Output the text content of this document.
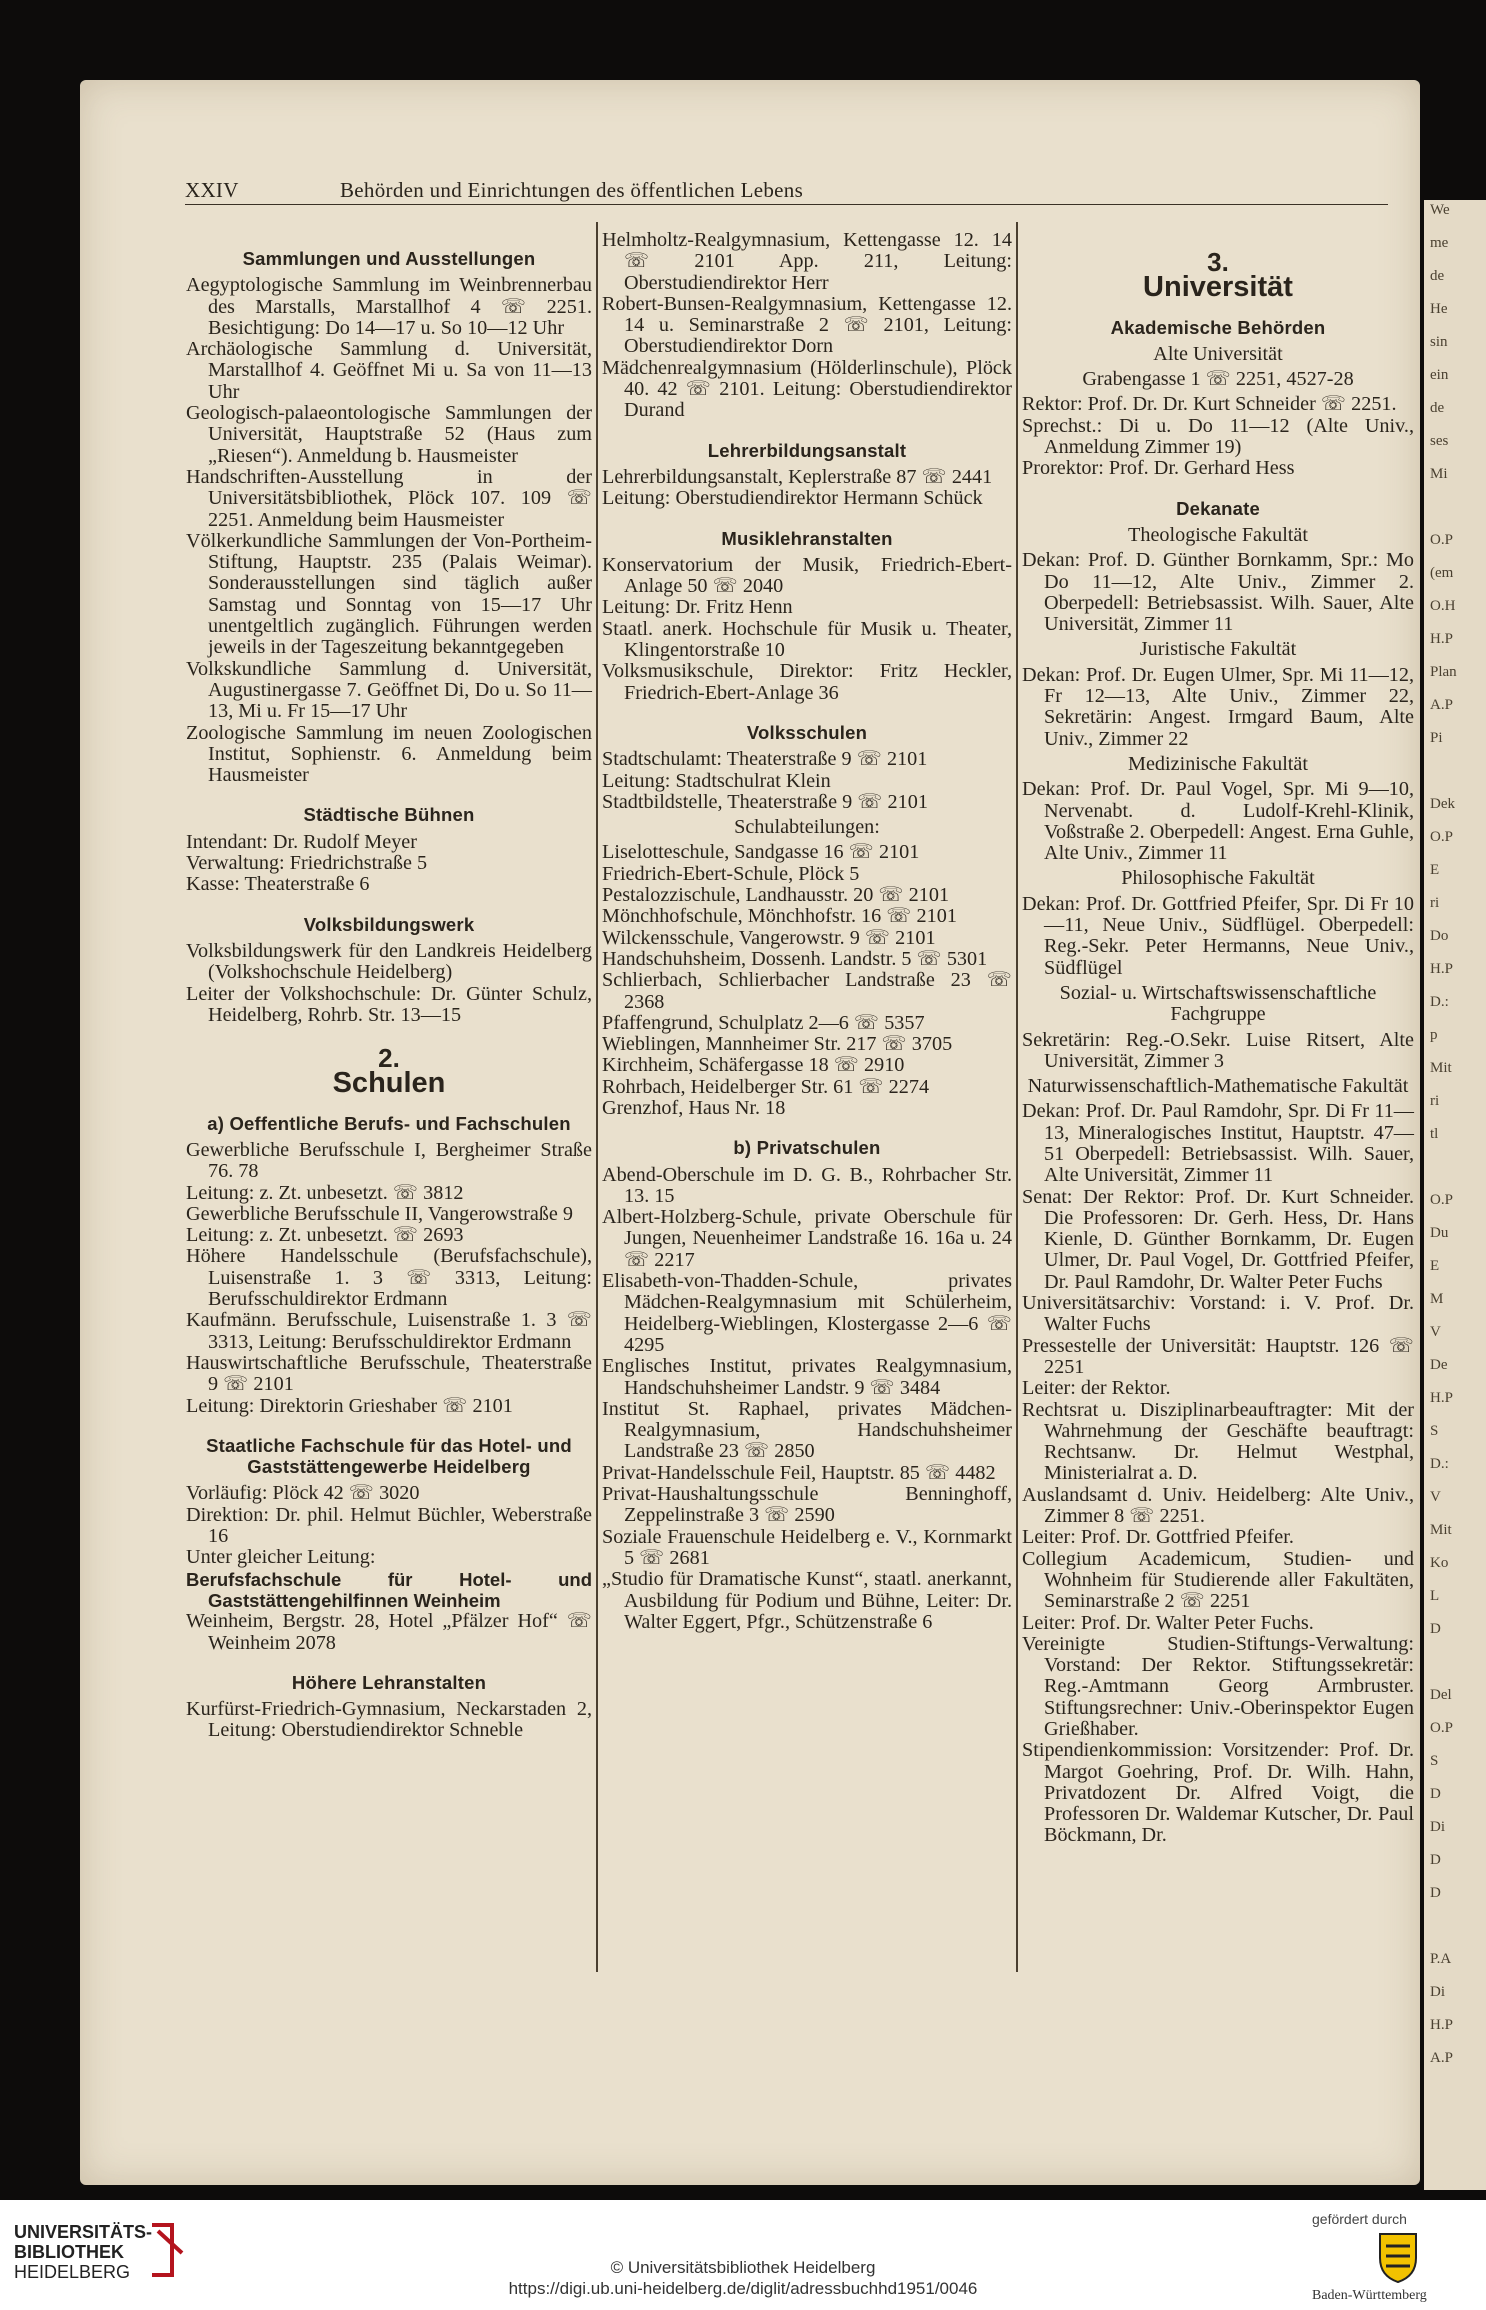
We
me
de
He
sin
ein
de
ses
Mi
O.P
(em
O.H
H.P
Plan
A.P
Pi
Dek
O.P
E
ri
Do
H.P
D.:
p
Mit
ri
tl
O.P
Du
E
M
V
De
H.P
S
D.:
V
Mit
Ko
L
D
Del
O.P
S
D
Di
D
D
P.A
Di
H.P
A.P
XXIV	Behörden und Einrichtungen des öffentlichen Lebens
Sammlungen und Ausstellungen

Aegyptologische Sammlung im Weinbrennerbau des Marstalls, Marstallhof 4 ☏ 2251. Besichtigung: Do 14—17 u. So 10—12 Uhr

Archäologische Sammlung d. Universität, Marstallhof 4. Geöffnet Mi u. Sa von 11—13 Uhr

Geologisch-palaeontologische Sammlungen der Universität, Hauptstraße 52 (Haus zum „Riesen“). Anmeldung b. Hausmeister

Handschriften-Ausstellung in der Universitätsbibliothek, Plöck 107. 109 ☏ 2251. Anmeldung beim Hausmeister

Völkerkundliche Sammlungen der Von-Portheim-Stiftung, Hauptstr. 235 (Palais Weimar). Sonderausstellungen sind täglich außer Samstag und Sonntag von 15—17 Uhr unentgeltlich zugänglich. Führungen werden jeweils in der Tageszeitung bekanntgegeben

Volkskundliche Sammlung d. Universität, Augustinergasse 7. Geöffnet Di, Do u. So 11—13, Mi u. Fr 15—17 Uhr

Zoologische Sammlung im neuen Zoologischen Institut, Sophienstr. 6. Anmeldung beim Hausmeister

Städtische Bühnen

Intendant: Dr. Rudolf Meyer

Verwaltung: Friedrichstraße 5

Kasse: Theaterstraße 6

Volksbildungswerk

Volksbildungswerk für den Landkreis Heidelberg (Volkshochschule Heidelberg)

Leiter der Volkshochschule: Dr. Günter Schulz, Heidelberg, Rohrb. Str. 13—15

2.
Schulen
a) Oeffentliche Berufs- und Fachschulen

Gewerbliche Berufsschule I, Bergheimer Straße 76. 78

Leitung: z. Zt. unbesetzt. ☏ 3812

Gewerbliche Berufsschule II, Vangerowstraße 9

Leitung: z. Zt. unbesetzt. ☏ 2693

Höhere Handelsschule (Berufsfachschule), Luisenstraße 1. 3 ☏ 3313, Leitung: Berufsschuldirektor Erdmann

Kaufmänn. Berufsschule, Luisenstraße 1. 3 ☏ 3313, Leitung: Berufsschuldirektor Erdmann

Hauswirtschaftliche Berufsschule, Theaterstraße 9 ☏ 2101

Leitung: Direktorin Grieshaber ☏ 2101

Staatliche Fachschule für das Hotel- und Gaststättengewerbe Heidelberg

Vorläufig: Plöck 42 ☏ 3020

Direktion: Dr. phil. Helmut Büchler, Weberstraße 16

Unter gleicher Leitung:

Berufsfachschule für Hotel- und Gaststättengehilfinnen Weinheim

Weinheim, Bergstr. 28, Hotel „Pfälzer Hof“ ☏ Weinheim 2078

Höhere Lehranstalten

Kurfürst-Friedrich-Gymnasium, Neckarstaden 2, Leitung: Oberstudiendirektor Schneble

Helmholtz-Realgymnasium, Kettengasse 12. 14 ☏ 2101 App. 211, Leitung: Oberstudiendirektor Herr

Robert-Bunsen-Realgymnasium, Kettengasse 12. 14 u. Seminarstraße 2 ☏ 2101, Leitung: Oberstudiendirektor Dorn

Mädchenrealgymnasium (Hölderlinschule), Plöck 40. 42 ☏ 2101. Leitung: Oberstudiendirektor Durand

Lehrerbildungsanstalt

Lehrerbildungsanstalt, Keplerstraße 87 ☏ 2441

Leitung: Oberstudiendirektor Hermann Schück

Musiklehranstalten

Konservatorium der Musik, Friedrich-Ebert-Anlage 50 ☏ 2040

Leitung: Dr. Fritz Henn

Staatl. anerk. Hochschule für Musik u. Theater, Klingentorstraße 10

Volksmusikschule, Direktor: Fritz Heckler, Friedrich-Ebert-Anlage 36

Volksschulen

Stadtschulamt: Theaterstraße 9 ☏ 2101

Leitung: Stadtschulrat Klein

Stadtbildstelle, Theaterstraße 9 ☏ 2101

Schulabteilungen:

Liselotteschule, Sandgasse 16 ☏ 2101

Friedrich-Ebert-Schule, Plöck 5

Pestalozzischule, Landhausstr. 20 ☏ 2101

Mönchhofschule, Mönchhofstr. 16 ☏ 2101

Wilckensschule, Vangerowstr. 9 ☏ 2101

Handschuhsheim, Dossenh. Landstr. 5 ☏ 5301

Schlierbach, Schlierbacher Landstraße 23 ☏ 2368

Pfaffengrund, Schulplatz 2—6 ☏ 5357

Wieblingen, Mannheimer Str. 217 ☏ 3705

Kirchheim, Schäfergasse 18 ☏ 2910

Rohrbach, Heidelberger Str. 61 ☏ 2274

Grenzhof, Haus Nr. 18

b) Privatschulen

Abend-Oberschule im D. G. B., Rohrbacher Str. 13. 15

Albert-Holzberg-Schule, private Oberschule für Jungen, Neuenheimer Landstraße 16. 16a u. 24 ☏ 2217

Elisabeth-von-Thadden-Schule, privates Mädchen-Realgymnasium mit Schülerheim, Heidelberg-Wieblingen, Klostergasse 2—6 ☏ 4295

Englisches Institut, privates Realgymnasium, Handschuhsheimer Landstr. 9 ☏ 3484

Institut St. Raphael, privates Mädchen-Realgymnasium, Handschuhsheimer Landstraße 23 ☏ 2850

Privat-Handelsschule Feil, Hauptstr. 85 ☏ 4482

Privat-Haushaltungsschule Benninghoff, Zeppelinstraße 3 ☏ 2590

Soziale Frauenschule Heidelberg e. V., Kornmarkt 5 ☏ 2681

„Studio für Dramatische Kunst“, staatl. anerkannt, Ausbildung für Podium und Bühne, Leiter: Dr. Walter Eggert, Pfgr., Schützenstraße 6

3.
Universität
Akademische Behörden
Alte Universität
Grabengasse 1 ☏ 2251, 4527-28

Rektor: Prof. Dr. Dr. Kurt Schneider ☏ 2251.

Sprechst.: Di u. Do 11—12 (Alte Univ., Anmeldung Zimmer 19)

Prorektor: Prof. Dr. Gerhard Hess

Dekanate
Theologische Fakultät

Dekan: Prof. D. Günther Bornkamm, Spr.: Mo Do 11—12, Alte Univ., Zimmer 2. Oberpedell: Betriebsassist. Wilh. Sauer, Alte Universität, Zimmer 11

Juristische Fakultät

Dekan: Prof. Dr. Eugen Ulmer, Spr. Mi 11—12, Fr 12—13, Alte Univ., Zimmer 22, Sekretärin: Angest. Irmgard Baum, Alte Univ., Zimmer 22

Medizinische Fakultät

Dekan: Prof. Dr. Paul Vogel, Spr. Mi 9—10, Nervenabt. d. Ludolf-Krehl-Klinik, Voßstraße 2. Oberpedell: Angest. Erna Guhle, Alte Univ., Zimmer 11

Philosophische Fakultät

Dekan: Prof. Dr. Gottfried Pfeifer, Spr. Di Fr 10—11, Neue Univ., Südflügel. Oberpedell: Reg.-Sekr. Peter Hermanns, Neue Univ., Südflügel

Sozial- u. Wirtschaftswissenschaftliche Fachgruppe

Sekretärin: Reg.-O.Sekr. Luise Ritsert, Alte Universität, Zimmer 3

Naturwissenschaftlich-Mathematische Fakultät

Dekan: Prof. Dr. Paul Ramdohr, Spr. Di Fr 11—13, Mineralogisches Institut, Hauptstr. 47—51 Oberpedell: Betriebsassist. Wilh. Sauer, Alte Universität, Zimmer 11

Senat: Der Rektor: Prof. Dr. Kurt Schneider. Die Professoren: Dr. Gerh. Hess, Dr. Hans Kienle, D. Günther Bornkamm, Dr. Eugen Ulmer, Dr. Paul Vogel, Dr. Gottfried Pfeifer, Dr. Paul Ramdohr, Dr. Walter Peter Fuchs

Universitätsarchiv: Vorstand: i. V. Prof. Dr. Walter Fuchs

Pressestelle der Universität: Hauptstr. 126 ☏ 2251

Leiter: der Rektor.

Rechtsrat u. Disziplinarbeauftragter: Mit der Wahrnehmung der Geschäfte beauftragt: Rechtsanw. Dr. Helmut Westphal, Ministerialrat a. D.

Auslandsamt d. Univ. Heidelberg: Alte Univ., Zimmer 8 ☏ 2251.

Leiter: Prof. Dr. Gottfried Pfeifer.

Collegium Academicum, Studien- und Wohnheim für Studierende aller Fakultäten, Seminarstraße 2 ☏ 2251

Leiter: Prof. Dr. Walter Peter Fuchs.

Vereinigte Studien-Stiftungs-Verwaltung: Vorstand: Der Rektor. Stiftungssekretär: Reg.-Amtmann Georg Armbruster. Stiftungsrechner: Univ.-Oberinspektor Eugen Grießhaber.

Stipendienkommission: Vorsitzender: Prof. Dr. Margot Goehring, Prof. Dr. Wilh. Hahn, Privatdozent Dr. Alfred Voigt, die Professoren Dr. Waldemar Kutscher, Dr. Paul Böckmann, Dr.

UNIVERSITÄTS-
BIBLIOTHEK
HEIDELBERG	© Universitätsbibliothek Heidelberg
https://digi.ub.uni-heidelberg.de/diglit/adressbuchhd1951/0046
gefördert durch
Baden-Württemberg
